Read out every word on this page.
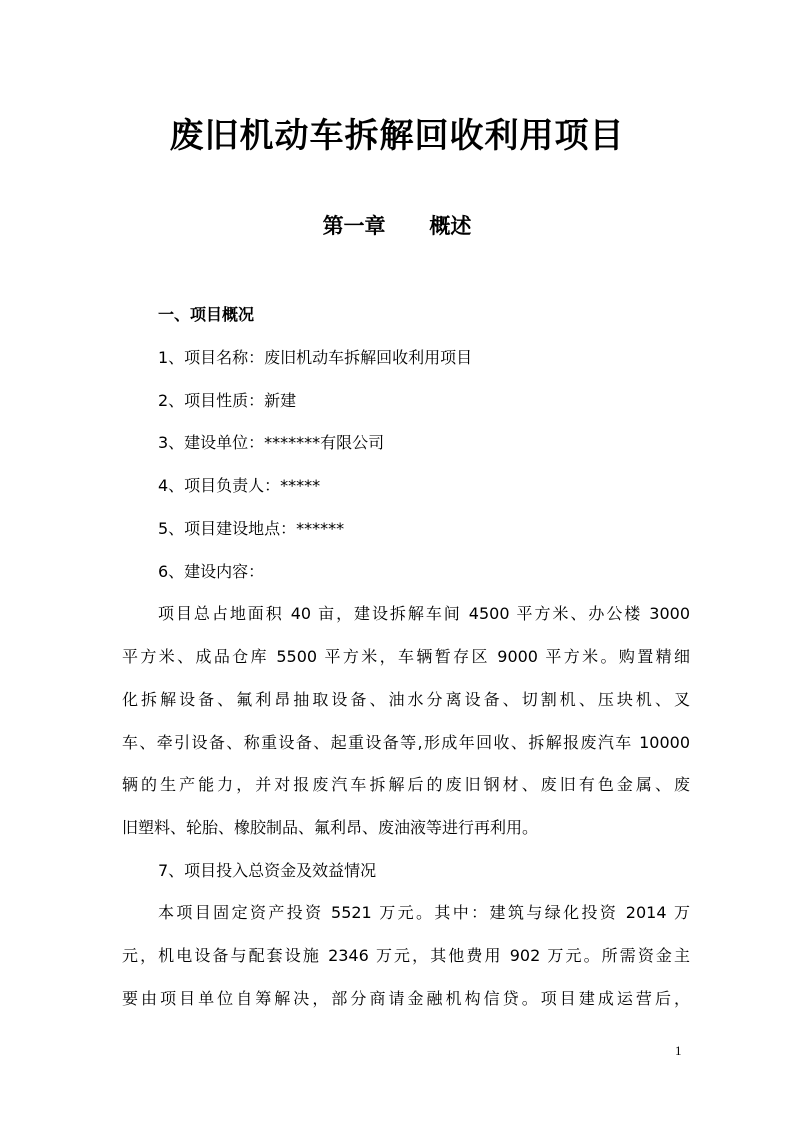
废旧机动车拆解回收利用项目
第一章      概述
一、项目概况
1、项目名称：废旧机动车拆解回收利用项目
2、项目性质：新建
3、建设单位：*******有限公司
4、项目负责人：*****
5、项目建设地点：******
6、建设内容：
项目总占地面积 40 亩，建设拆解车间 4500 平方米、办公楼 3000
平方米、成品仓库 5500 平方米，车辆暂存区 9000 平方米。购置精细
化拆解设备、氟利昂抽取设备、油水分离设备、切割机、压块机、叉
车、牵引设备、称重设备、起重设备等,形成年回收、拆解报废汽车 10000
辆的生产能力，并对报废汽车拆解后的废旧钢材、废旧有色金属、废
旧塑料、轮胎、橡胶制品、氟利昂、废油液等进行再利用。
7、项目投入总资金及效益情况
本项目固定资产投资 5521 万元。其中：建筑与绿化投资 2014 万
元，机电设备与配套设施 2346 万元，其他费用 902 万元。所需资金主
要由项目单位自筹解决，部分商请金融机构信贷。项目建成运营后，
1
